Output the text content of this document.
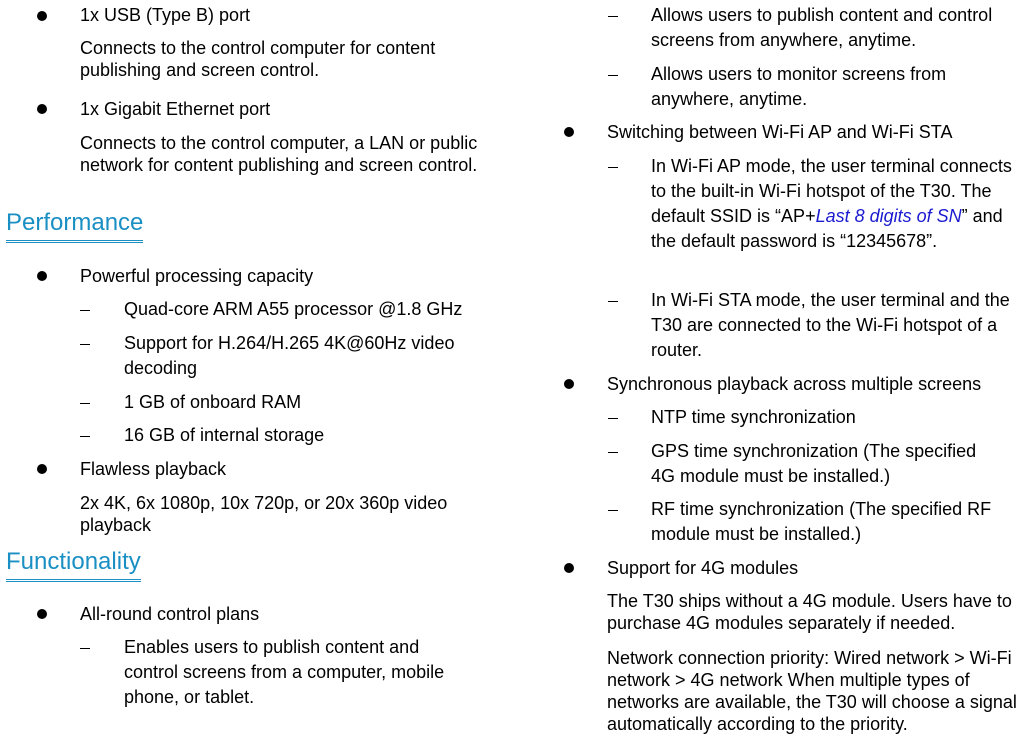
1x USB (Type B) port
Connects to the control computer for content publishing and screen control.
1x Gigabit Ethernet port
Connects to the control computer, a LAN or public network for content publishing and screen control.
Performance
Powerful processing capacity
Quad-core ARM A55 processor @1.8 GHz
Support for H.264/H.265 4K@60Hz video decoding
1 GB of onboard RAM
16 GB of internal storage
Flawless playback
2x 4K, 6x 1080p, 10x 720p, or 20x 360p video playback
Functionality
All-round control plans
Enables users to publish content and control screens from a computer, mobile phone, or tablet.
Allows users to publish content and control screens from anywhere, anytime.
Allows users to monitor screens from anywhere, anytime.
Switching between Wi-Fi AP and Wi-Fi STA
In Wi-Fi AP mode, the user terminal connects to the built-in Wi-Fi hotspot of the T30. The default SSID is “AP+Last 8 digits of SN” and the default password is “12345678”.
In Wi-Fi STA mode, the user terminal and the T30 are connected to the Wi-Fi hotspot of a router.
Synchronous playback across multiple screens
NTP time synchronization
GPS time synchronization (The specified 4G module must be installed.)
RF time synchronization (The specified RF module must be installed.)
Support for 4G modules
The T30 ships without a 4G module. Users have to purchase 4G modules separately if needed.
Network connection priority: Wired network > Wi-Fi network > 4G network When multiple types of networks are available, the T30 will choose a signal automatically according to the priority.
